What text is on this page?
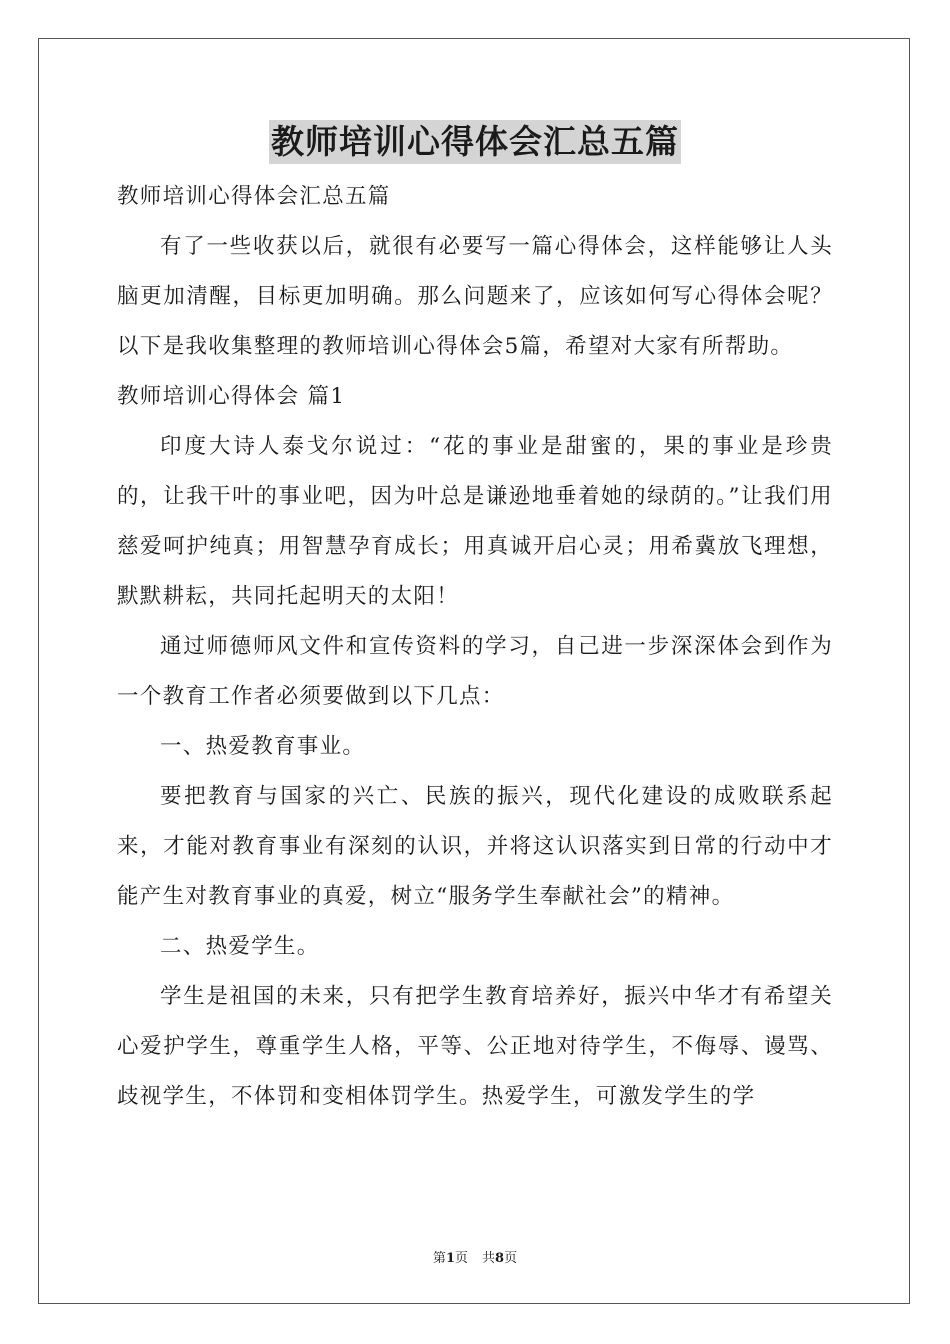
教师培训心得体会汇总五篇

教师培训心得体会汇总五篇

有了一些收获以后，就很有必要写一篇心得体会，这样能够让人头脑更加清醒，目标更加明确。那么问题来了，应该如何写心得体会呢？以下是我收集整理的教师培训心得体会5篇，希望对大家有所帮助。

教师培训心得体会 篇1

印度大诗人泰戈尔说过：“花的事业是甜蜜的，果的事业是珍贵的，让我干叶的事业吧，因为叶总是谦逊地垂着她的绿荫的。”让我们用慈爱呵护纯真；用智慧孕育成长；用真诚开启心灵；用希冀放飞理想，默默耕耘，共同托起明天的太阳！

通过师德师风文件和宣传资料的学习，自己进一步深深体会到作为一个教育工作者必须要做到以下几点：

一、热爱教育事业。

要把教育与国家的兴亡、民族的振兴，现代化建设的成败联系起来，才能对教育事业有深刻的认识，并将这认识落实到日常的行动中才能产生对教育事业的真爱，树立“服务学生奉献社会”的精神。

二、热爱学生。

学生是祖国的未来，只有把学生教育培养好，振兴中华才有希望关心爱护学生，尊重学生人格，平等、公正地对待学生，不侮辱、谩骂、歧视学生，不体罚和变相体罚学生。热爱学生，可激发学生的学

第1页 共8页
